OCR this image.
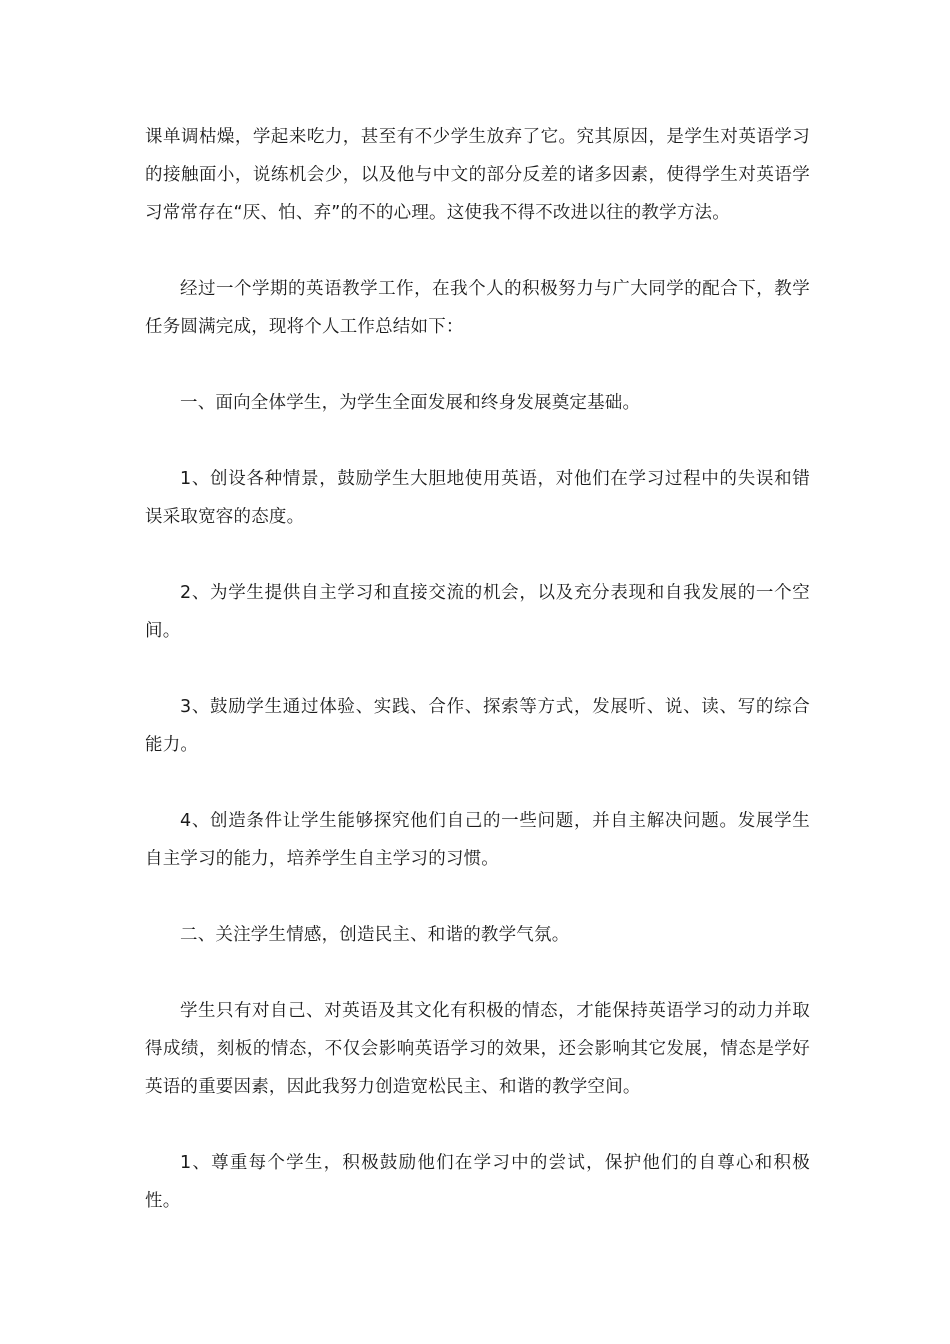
课单调枯燥，学起来吃力，甚至有不少学生放弃了它。究其原因，是学生对英语学习的接触面小，说练机会少，以及他与中文的部分反差的诸多因素，使得学生对英语学习常常存在“厌、怕、弃”的不的心理。这使我不得不改进以往的教学方法。

经过一个学期的英语教学工作，在我个人的积极努力与广大同学的配合下，教学任务圆满完成，现将个人工作总结如下：

一、面向全体学生，为学生全面发展和终身发展奠定基础。

1、创设各种情景，鼓励学生大胆地使用英语，对他们在学习过程中的失误和错误采取宽容的态度。

2、为学生提供自主学习和直接交流的机会，以及充分表现和自我发展的一个空间。

3、鼓励学生通过体验、实践、合作、探索等方式，发展听、说、读、写的综合能力。

4、创造条件让学生能够探究他们自己的一些问题，并自主解决问题。发展学生自主学习的能力，培养学生自主学习的习惯。

二、关注学生情感，创造民主、和谐的教学气氛。

学生只有对自己、对英语及其文化有积极的情态，才能保持英语学习的动力并取得成绩，刻板的情态，不仅会影响英语学习的效果，还会影响其它发展，情态是学好英语的重要因素，因此我努力创造宽松民主、和谐的教学空间。

1、尊重每个学生，积极鼓励他们在学习中的尝试，保护他们的自尊心和积极性。
